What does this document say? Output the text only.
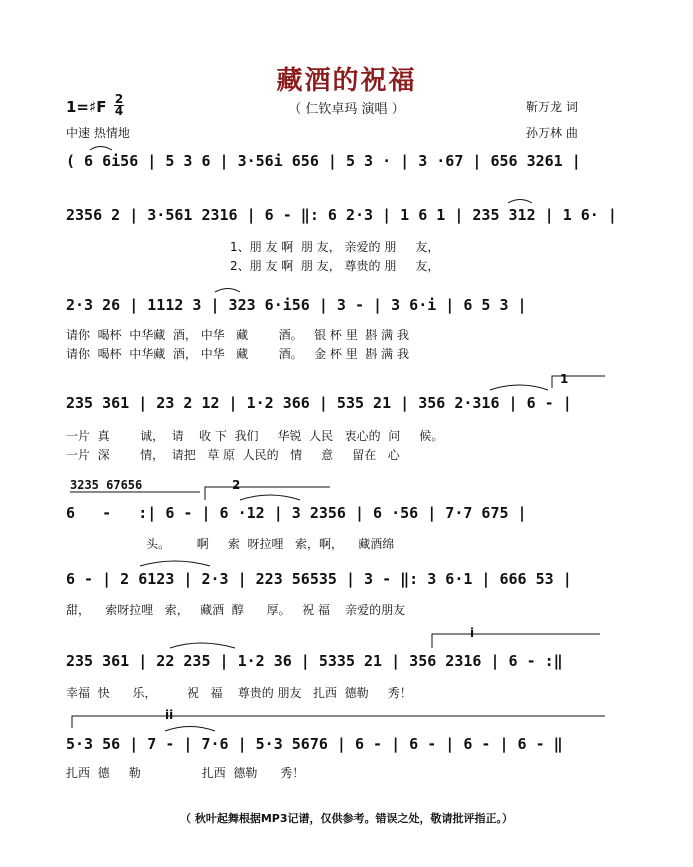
藏酒的祝福
（ 仁钦卓玛 演唱 ）
1=♯F 2
4
中速 热情地
靳万龙 词
孙万林 曲
( 6 6i56 | 5 3 6 | 3·56i 656 | 5 3 · | 3 ·67 | 656 3261 |
2356 2 | 3·561 2316 | 6 - ‖: 6 2·3 | 1 6 1 | 235 312 | 1 6· |
1、朋 友 啊  朋 友， 亲爱的 朋     友，
2、朋 友 啊  朋 友， 尊贵的 朋     友，
2·3 26 | 1112 3 | 323 6·i56 | 3 - | 3 6·i | 6 5 3 |
请你  喝杯  中华藏  酒， 中华   藏        酒。   银 杯 里  斟 满 我
请你  喝杯  中华藏  酒， 中华   藏        酒。   金 杯 里  斟 满 我
1
235 361 | 23 2 12 | 1·2 366 | 535 21 | 356 2·316 | 6 - |
一片  真        诚，  请    收 下  我们     华锐  人民   衷心的  问     候。
一片  深        情，  请把   草 原  人民的   情     意     留在   心
3235 67656	2
6   -   :| 6 - | 6 ·12 | 3 2356 | 6 ·56 | 7·7 675 |
头。       啊     索  呀拉哩   索，啊，    藏酒绵
6 - | 2 6123 | 2·3 | 223 56535 | 3 - ‖: 3 6·1 | 666 53 |
甜，    索呀拉哩   索，   藏酒  醇      厚。   祝 福    亲爱的朋友
i
235 361 | 22 235 | 1·2 36 | 5335 21 | 356 2316 | 6 - :‖
幸福  快      乐，        祝   福    尊贵的 朋友   扎西  德勒     秀！
ii
5·3 56 | 7 - | 7·6 | 5·3 5676 | 6 - | 6 - | 6 - | 6 - ‖
扎西  德     勒                扎西  德勒      秀！
（ 秋叶起舞根据MP3记谱，仅供参考。错误之处，敬请批评指正。）
